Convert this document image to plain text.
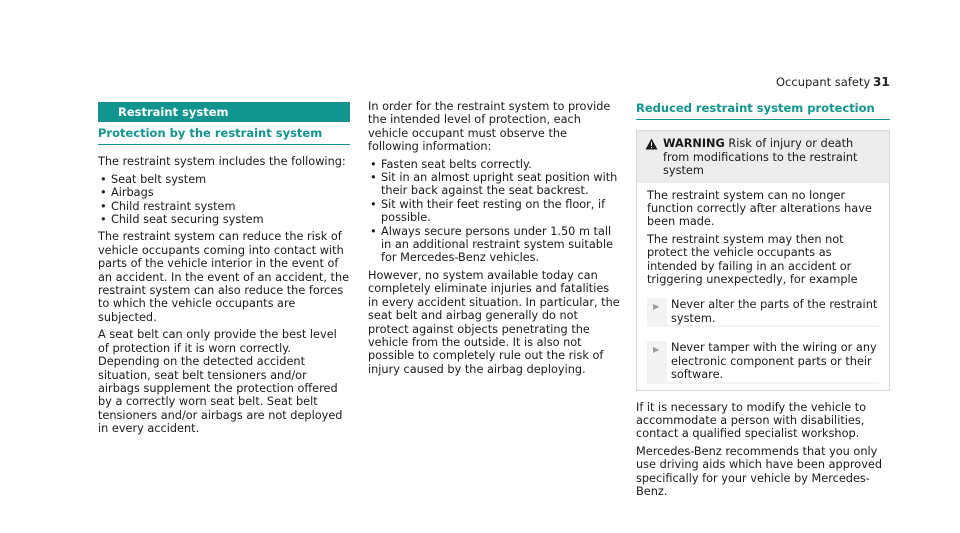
Occupant safety 31
Restraint system
Protection by the restraint system

The restraint system includes the following:

• Seat belt system
• Airbags
• Child restraint system
• Child seat securing system

The restraint system can reduce the risk of vehicle occupants coming into contact with parts of the vehicle interior in the event of an accident. In the event of an accident, the restraint system can also reduce the forces to which the vehicle occupants are subjected.

A seat belt can only provide the best level of protection if it is worn correctly. Depending on the detected accident situation, seat belt tensioners and/or airbags supplement the protection offered by a correctly worn seat belt. Seat belt tensioners and/or airbags are not deployed in every accident.

In order for the restraint system to provide the intended level of protection, each vehicle occupant must observe the following information:

• Fasten seat belts correctly.
• Sit in an almost upright seat position with their back against the seat backrest.
• Sit with their feet resting on the floor, if possible.
• Always secure persons under 1.50 m tall in an additional restraint system suitable for Mercedes-Benz vehicles.

However, no system available today can completely eliminate injuries and fatalities in every accident situation. In particular, the seat belt and airbag generally do not protect against objects penetrating the vehicle from the outside. It is also not possible to completely rule out the risk of injury caused by the airbag deploying.

Reduced restraint system protection
WARNING Risk of injury or death from modifications to the restraint system

The restraint system can no longer function correctly after alterations have been made.

The restraint system may then not protect the vehicle occupants as intended by failing in an accident or triggering unexpectedly, for example

▶	Never alter the parts of the restraint system.
▶	Never tamper with the wiring or any electronic component parts or their software.

If it is necessary to modify the vehicle to accommodate a person with disabilities, contact a qualified specialist workshop.

Mercedes-Benz recommends that you only use driving aids which have been approved specifically for your vehicle by Mercedes-Benz.
